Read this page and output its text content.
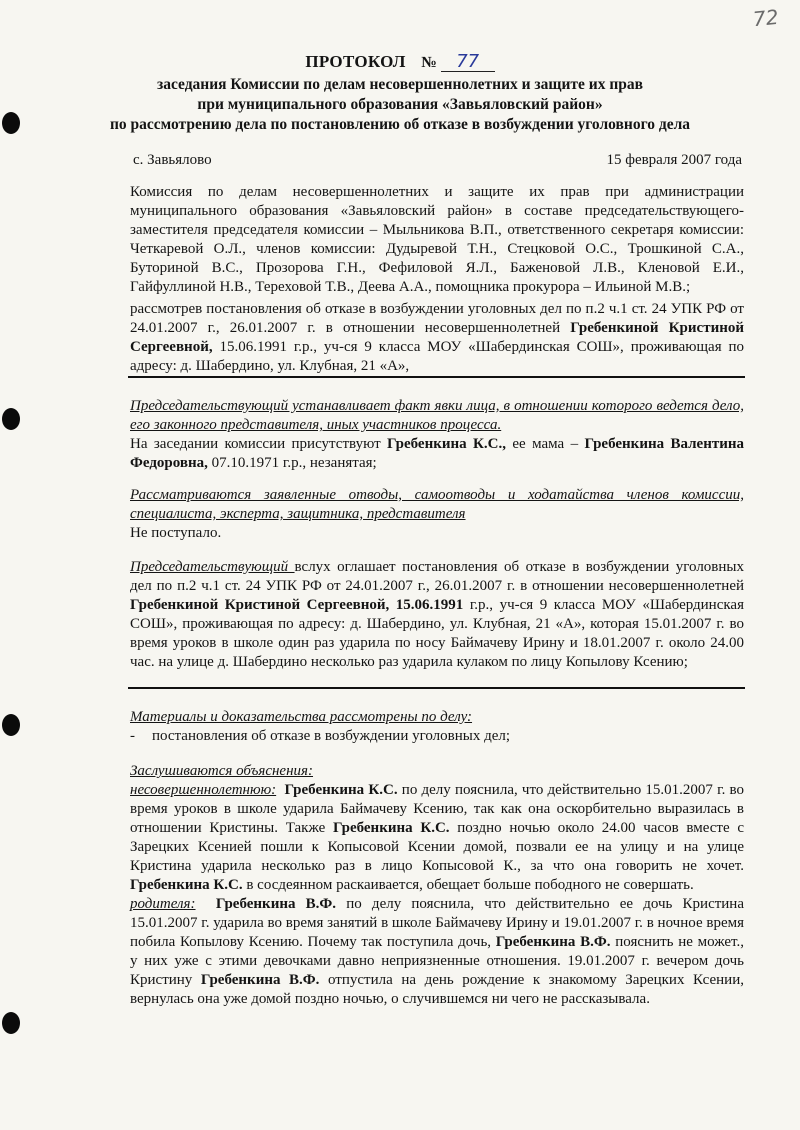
72
ПРОТОКОЛ № 77
заседания Комиссии по делам несовершеннолетних и защите их прав
при муниципального образования «Завьяловский район»
по рассмотрению дела по постановлению об отказе в возбуждении уголовного дела
с. Завьялово	15 февраля 2007 года

Комиссия по делам несовершеннолетних и защите их прав при администрации муниципального образования «Завьяловский район» в составе председательствующего-заместителя председателя комиссии – Мыльникова В.П., ответственного секретаря комиссии: Четкаревой О.Л., членов комиссии: Дудыревой Т.Н., Стецковой О.С., Трошкиной С.А., Буториной В.С., Прозорова Г.Н., Фефиловой Я.Л., Баженовой Л.В., Кленовой Е.И., Гайфуллиной Н.В., Тереховой Т.В., Деева А.А., помощника прокурора – Ильиной М.В.;

рассмотрев постановления об отказе в возбуждении уголовных дел по п.2 ч.1 ст. 24 УПК РФ от 24.01.2007 г., 26.01.2007 г. в отношении несовершеннолетней Гребенкиной Кристиной Сергеевной, 15.06.1991 г.р., уч-ся 9 класса МОУ «Шабердинская СОШ», проживающая по адресу: д. Шабердино, ул. Клубная, 21 «А»,

Председательствующий устанавливает факт явки лица, в отношении которого ведется дело, его законного представителя, иных участников процесса.

На заседании комиссии присутствуют Гребенкина К.С., ее мама – Гребенкина Валентина Федоровна, 07.10.1971 г.р., незанятая;

Рассматриваются заявленные отводы, самоотводы и ходатайства членов комиссии, специалиста, эксперта, защитника, представителя

Не поступало.

Председательствующий вслух оглашает постановления об отказе в возбуждении уголовных дел по п.2 ч.1 ст. 24 УПК РФ от 24.01.2007 г., 26.01.2007 г. в отношении несовершеннолетней Гребенкиной Кристиной Сергеевной, 15.06.1991 г.р., уч-ся 9 класса МОУ «Шабердинская СОШ», проживающая по адресу: д. Шабердино, ул. Клубная, 21 «А», которая 15.01.2007 г. во время уроков в школе один раз ударила по носу Баймачеву Ирину и 18.01.2007 г. около 24.00 час. на улице д. Шабердино несколько раз ударила кулаком по лицу Копылову Ксению;

Материалы и доказательства рассмотрены по делу:

- постановления об отказе в возбуждении уголовных дел;

Заслушиваются объяснения:

несовершеннолетнюю: Гребенкина К.С. по делу пояснила, что действительно 15.01.2007 г. во время уроков в школе ударила Баймачеву Ксению, так как она оскорбительно выразилась в отношении Кристины. Также Гребенкина К.С. поздно ночью около 24.00 часов вместе с Зарецких Ксенией пошли к Копысовой Ксении домой, позвали ее на улицу и на улице Кристина ударила несколько раз в лицо Копысовой К., за что она говорить не хочет. Гребенкина К.С. в сосдеянном раскаивается, обещает больше пободного не совершать.

родителя: Гребенкина В.Ф. по делу пояснила, что действительно ее дочь Кристина 15.01.2007 г. ударила во время занятий в школе Баймачеву Ирину и 19.01.2007 г. в ночное время побила Копылову Ксению. Почему так поступила дочь, Гребенкина В.Ф. пояснить не может., у них уже с этими девочками давно неприязненные отношения. 19.01.2007 г. вечером дочь Кристину Гребенкина В.Ф. отпустила на день рождение к знакомому Зарецких Ксении, вернулась она уже домой поздно ночью, о случившемся ни чего не рассказывала.
